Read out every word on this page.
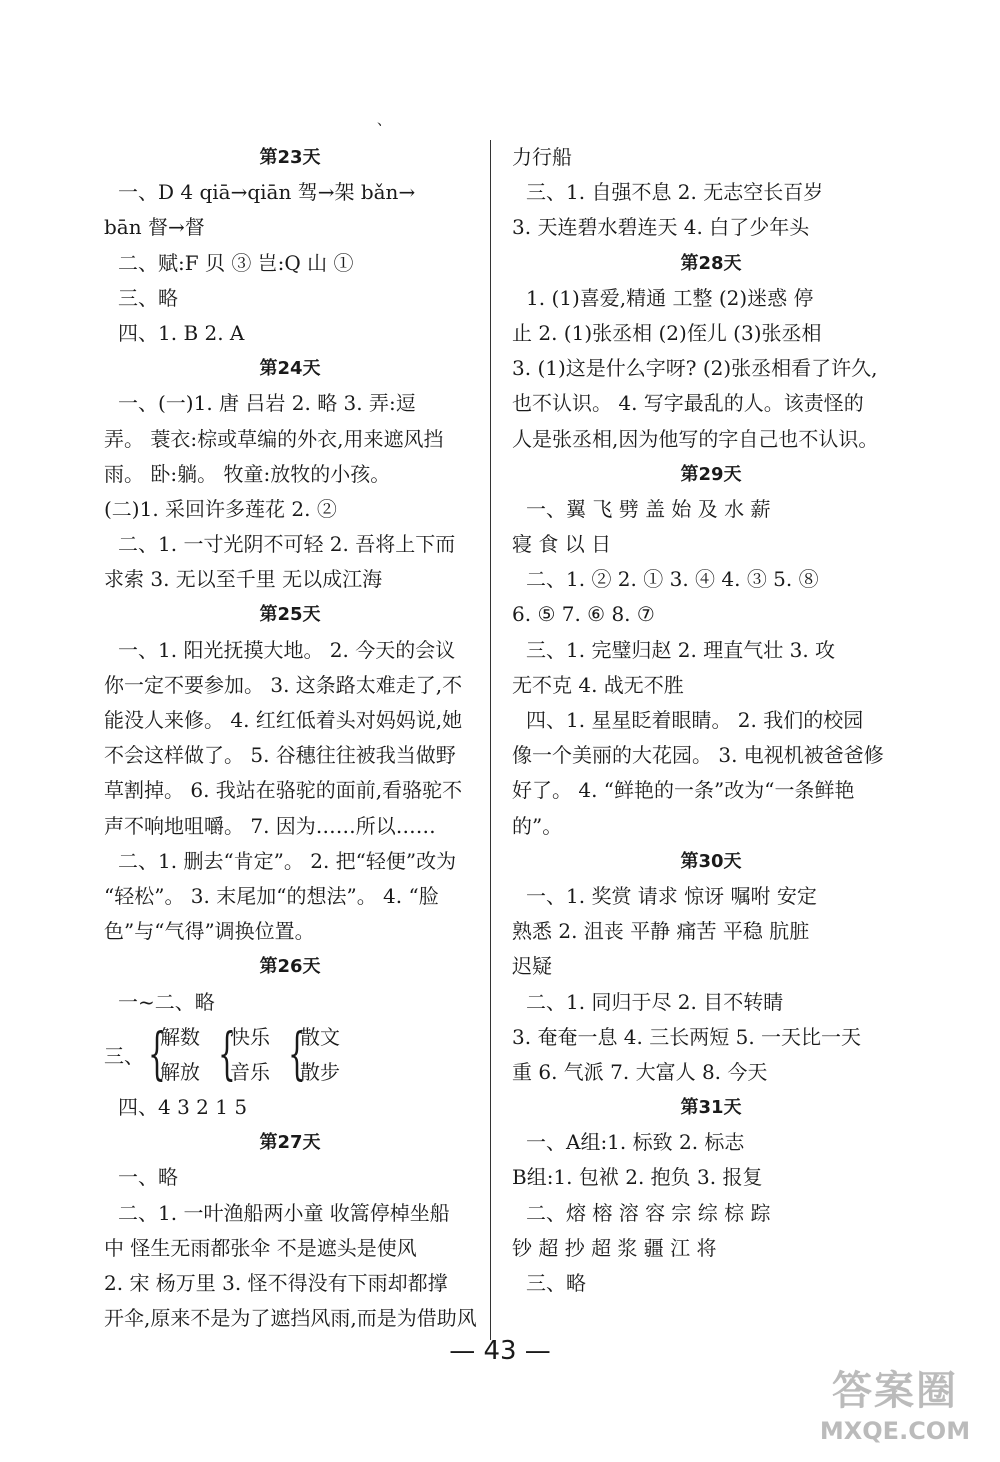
、
第23天
一、D 4 qiā→qiān 驾→架 bǎn→
bān 督→督
二、赋:F 贝 ③ 岂:Q 山 ①
三、略
四、1. B 2. A
第24天
一、(一)1. 唐 吕岩 2. 略 3. 弄:逗
弄。 蓑衣:棕或草编的外衣,用来遮风挡
雨。 卧:躺。 牧童:放牧的小孩。
(二)1. 采回许多莲花 2. ②
二、1. 一寸光阴不可轻 2. 吾将上下而
求索 3. 无以至千里 无以成江海
第25天
一、1. 阳光抚摸大地。 2. 今天的会议
你一定不要参加。 3. 这条路太难走了,不
能没人来修。 4. 红红低着头对妈妈说,她
不会这样做了。 5. 谷穗往往被我当做野
草割掉。 6. 我站在骆驼的面前,看骆驼不
声不响地咀嚼。 7. 因为……所以……
二、1. 删去“肯定”。 2. 把“轻便”改为
“轻松”。 3. 末尾加“的想法”。 4. “脸
色”与“气得”调换位置。
第26天
一~二、略
三、 {
解数
解放 {
快乐
音乐 {
散文
散步
四、4 3 2 1 5
第27天
一、略
二、1. 一叶渔船两小童 收篙停棹坐船
中 怪生无雨都张伞 不是遮头是使风
2. 宋 杨万里 3. 怪不得没有下雨却都撑
开伞,原来不是为了遮挡风雨,而是为借助风
力行船
三、1. 自强不息 2. 无志空长百岁
3. 天连碧水碧连天 4. 白了少年头
第28天
1. (1)喜爱,精通 工整 (2)迷惑 停
止 2. (1)张丞相 (2)侄儿 (3)张丞相
3. (1)这是什么字呀? (2)张丞相看了许久,
也不认识。 4. 写字最乱的人。该责怪的
人是张丞相,因为他写的字自己也不认识。
第29天
一、翼 飞 劈 盖 始 及 水 薪
寝 食 以 日
二、1. ② 2. ① 3. ④ 4. ③ 5. ⑧
6. ⑤ 7. ⑥ 8. ⑦
三、1. 完璧归赵 2. 理直气壮 3. 攻
无不克 4. 战无不胜
四、1. 星星眨着眼睛。 2. 我们的校园
像一个美丽的大花园。 3. 电视机被爸爸修
好了。 4. “鲜艳的一条”改为“一条鲜艳
的”。
第30天
一、1. 奖赏 请求 惊讶 嘱咐 安定
熟悉 2. 沮丧 平静 痛苦 平稳 肮脏
迟疑
二、1. 同归于尽 2. 目不转睛
3. 奄奄一息 4. 三长两短 5. 一天比一天
重 6. 气派 7. 大富人 8. 今天
第31天
一、A组:1. 标致 2. 标志
B组:1. 包袱 2. 抱负 3. 报复
二、熔 榕 溶 容 宗 综 棕 踪
钞 超 抄 超 浆 疆 江 将
三、略
— 43 —
答案圈
MXQE.COM
